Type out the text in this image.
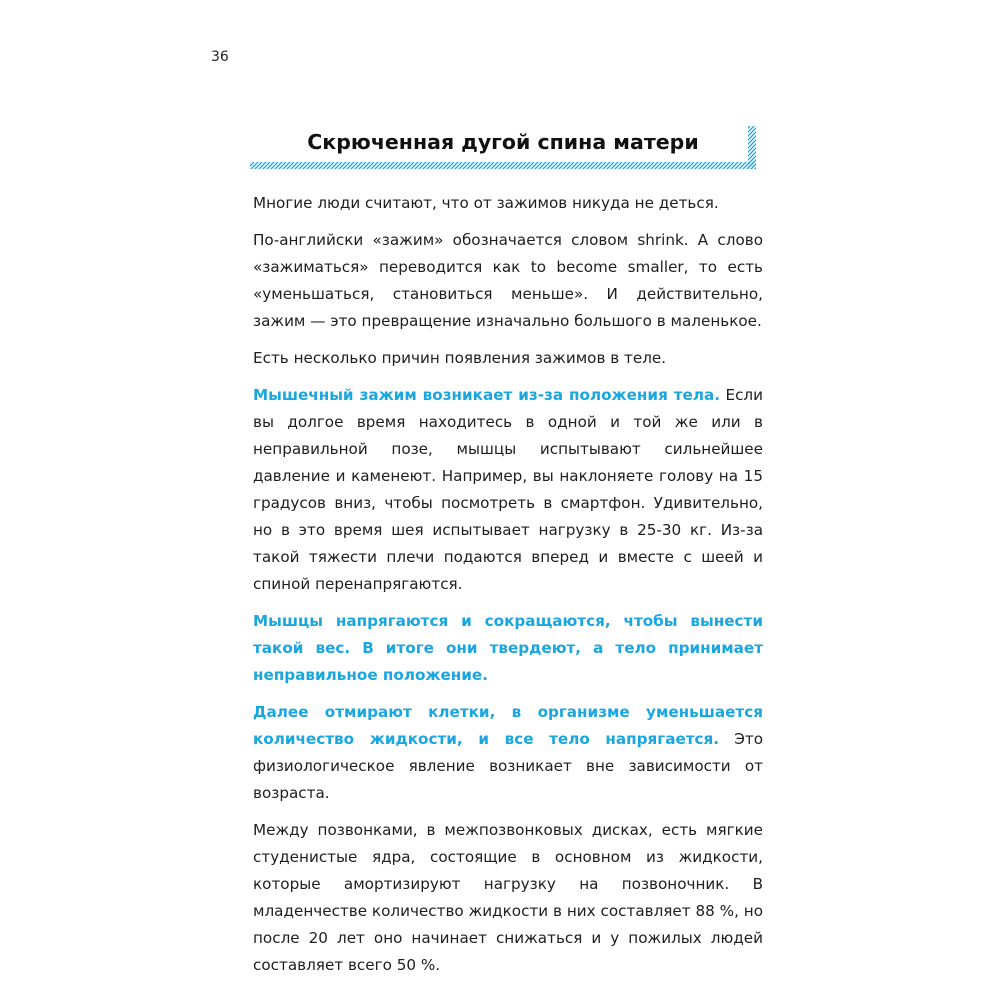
36
Скрюченная дугой спина матери

Многие люди считают, что от зажимов никуда не деться.

По-английски «зажим» обозначается словом shrink. А слово «зажиматься» переводится как to become smaller, то есть «уменьшаться, становиться меньше». И действительно, зажим — это превращение изначально большого в маленькое.

Есть несколько причин появления зажимов в теле.

Мышечный зажим возникает из-за положения тела. Если вы долгое время находитесь в одной и той же или в неправильной позе, мышцы испытывают сильнейшее давление и каменеют. Например, вы наклоняете голову на 15 градусов вниз, чтобы посмотреть в смартфон. Удивительно, но в это время шея испытывает нагрузку в 25-30 кг. Из-за такой тяжести плечи подаются вперед и вместе с шеей и спиной перенапрягаются.

Мышцы напрягаются и сокращаются, чтобы вынести такой вес. В итоге они твердеют, а тело принимает неправильное положение.

Далее отмирают клетки, в организме уменьшается количество жидкости, и все тело напрягается. Это физиологическое явление возникает вне зависимости от возраста.

Между позвонками, в межпозвонковых дисках, есть мягкие студенистые ядра, состоящие в основном из жидкости, которые амортизируют нагрузку на позвоночник. В младенчестве количество жидкости в них составляет 88 %, но после 20 лет оно начинает снижаться и у пожилых людей составляет всего 50 %.
